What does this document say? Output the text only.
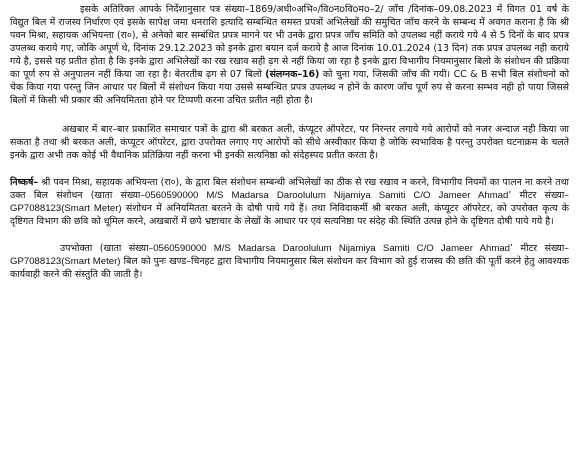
इसके अतिरिक्त आपके निर्देशानुसार पत्र संख्या–1869/अधी०अभि०/विoनoविoमo–2/ जाँच /दिनांक–09.08.2023 में विगत 01 वर्ष के विद्युत बिल में राजस्व निर्धारण एवं इसके सापेक्ष जमा धनराशि इत्यादि सम्बन्धित समस्त प्रपत्रों अभिलेखों की समुचित जाँच करने के सम्बन्ध में अवगत कराना है कि श्री पवन मिश्रा, सहायक अभियन्ता (रा०), से अनेको बार सम्बंधित प्रपत्र मागने पर भी उनके द्वारा प्रपत्र जाँच समिति को उपलब्ध नहीं कराये गये 4 से 5 दिनों के बाद प्रपत्र उपलब्ध कराये गए, जोकि अपूर्ण थे, दिनांक 29.12.2023 को इनके द्वारा बयान दर्ज कराये है आज दिनांक 10.01.2024 (13 दिन) तक प्रपत्र उपलब्ध नही कराये गये है, इससे यह प्रतीत होता है कि इनके द्वारा अभिलेखों का रख रखाव सही ढ़ग से नहीं किया जा रहा है इनके द्वारा विभागीय नियमानुसार बिलो के संशोधन की प्रक्रिया का पूर्ण रुप से अनुपालन नहीं किया जा रहा है। बेतरतीब ढ़ग से 07 बिलो (संलग्नक–16) को चुना गया, जिसकी जाँच की गयी। CC & B सभी बिल संशोधनो को चेक किया गया परन्तु जिन आधार पर बिलों में संशोधन किया गया उससे सम्बन्धित प्रपत्र उपलब्ध न होने के कारण जाँच पूर्ण रुप से करना सम्भव नही हो पाया जिससे बिलों में किसी भी प्रकार की अनियमितता होने पर टिप्पणी करना उचित प्रतीत नही होता है।

अखबार में बार–बार प्रकाशित समाचार पत्रों के द्वारा श्री बरकत अली, कंप्यूटर ऑपरेटर, पर निरन्तर लगाये गये आरोपों को नजर अन्दाज नही किया जा सकता है तथा श्री बरकत अली, कंप्यूटर ऑपरेटर, द्वारा उपरोक्त लगाए गए आरोपों को सीधे अस्वीकार किया है जोकि स्वभाविक है परन्तु उपरोक्त घटनाक्रम के चलते इनके द्वारा अभी तक कोई भी वैधानिक प्रतिक्रिया नहीं करना भी इनकी सत्यनिष्ठा को संदेहस्पद प्रतीत करता है।

निष्कर्ष– श्री पवन मिश्रा, सहायक अभियन्ता (रा०), के द्वारा बिल संशोधन सम्बन्धी अभिलेखों का ठीक से रख रखाव न करने, विभागीय नियमों का पालन ना करने तथा उक्त बिल संशोधन (खाता संख्या–0560590000 M/S Madarsa Daroolulum Nijamiya Samiti C/O Jameer Ahmad’ मीटर संख्या– GP7088123(Smart Meter) संशोधन में अनियमितता बरतने के दोषी पाये गये हैं। तथा निविदाकर्मी श्री बरकत अली, कंप्यूटर ऑपरेटर, को उपरोक्त कृत्य के दृष्टिगत विभाग की छवि को धूमिल करने, अखबारों में छपे भ्रष्टाचार के लेखों के आधार पर एवं सत्यनिष्ठा पर संदेह की स्थिति उत्पन्न होने के दृष्टिगत दोषी पाये गये है।

उपभोक्ता (खाता संख्या–0560590000 M/S Madarsa Daroolulum Nijamiya Samiti C/O Jameer Ahmad’ मीटर संख्या– GP7088123(Smart Meter) बिल को पुनः खण्ड–चिनहट द्वारा विभागीय नियमानुसार बिल संशोधन कर विभाग को हुई राजस्व की छति की पूर्ती करने हेतु आवश्यक कार्यवाही करने की संस्तुति की जाती है।
